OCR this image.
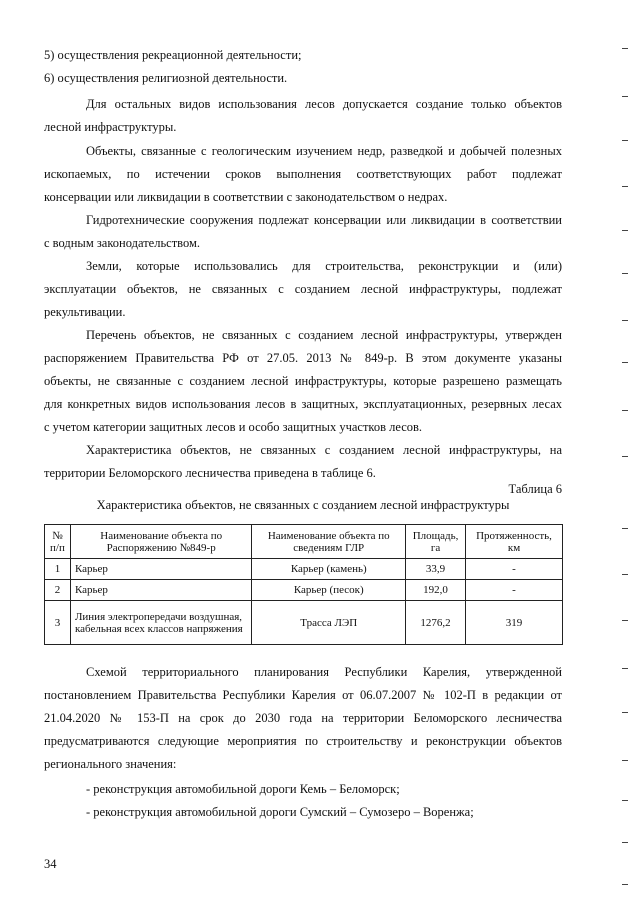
5) осуществления рекреационной деятельности;
6) осуществления религиозной деятельности.
Для остальных видов использования лесов допускается создание только объектов
лесной инфраструктуры.
Объекты, связанные с геологическим изучением недр, разведкой и добычей полезных
ископаемых, по истечении сроков выполнения соответствующих работ подлежат
консервации или ликвидации в соответствии с законодательством о недрах.
Гидротехнические сооружения подлежат консервации или ликвидации в соответствии
с водным законодательством.
Земли, которые использовались для строительства, реконструкции и (или)
эксплуатации объектов, не связанных с созданием лесной инфраструктуры, подлежат
рекультивации.
Перечень объектов, не связанных с созданием лесной инфраструктуры, утвержден
распоряжением Правительства РФ от 27.05. 2013 № 849-р. В этом документе указаны
объекты, не связанные с созданием лесной инфраструктуры, которые разрешено размещать
для конкретных видов использования лесов в защитных, эксплуатационных, резервных лесах
с учетом категории защитных лесов и особо защитных участков лесов.
Характеристика объектов, не связанных с созданием лесной инфраструктуры, на
территории Беломорского лесничества приведена в таблице 6.
Таблица 6
Характеристика объектов, не связанных с созданием лесной инфраструктуры
№ п/п	Наименование объекта по Распоряжению №849-р	Наименование объекта по сведениям ГЛР	Площадь, га	Протяженность, км
1	Карьер	Карьер (камень)	33,9	-
2	Карьер	Карьер (песок)	192,0	-
3	Линия электропередачи воздушная, кабельная всех классов напряжения	Трасса ЛЭП	1276,2	319
Схемой территориального планирования Республики Карелия, утвержденной
постановлением Правительства Республики Карелия от 06.07.2007 № 102-П в редакции от
21.04.2020 № 153-П на срок до 2030 года на территории Беломорского лесничества
предусматриваются следующие мероприятия по строительству и реконструкции объектов
регионального значения:
- реконструкция автомобильной дороги Кемь – Беломорск;
- реконструкция автомобильной дороги Сумский – Сумозеро – Воренжа;
34
